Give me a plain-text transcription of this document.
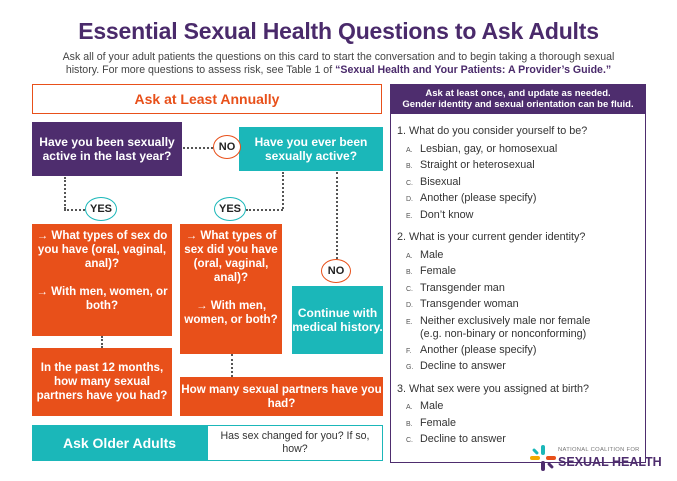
Essential Sexual Health Questions to Ask Adults
Ask all of your adult patients the questions on this card to start the conversation and to begin taking a thorough sexual
history. For more questions to assess risk, see Table 1 of “Sexual Health and Your Patients: A Provider’s Guide.”
Ask at Least Annually
Have you been sexually active in the last year?
Have you ever been sexually active?
NO
YES	YES
NO
→ What types of sex do you have (oral, vaginal, anal)?
→ With men, women, or both?
→ What types of sex did you have (oral, vaginal, anal)?
→ With men, women, or both?	Continue with medical history.
In the past 12 months, how many sexual partners have you had?	How many sexual partners have you had?
Ask Older Adults	Has sex changed for you? If so, how?
Ask at least once, and update as needed.
Gender identity and sexual orientation can be fluid.
1. What do you consider yourself to be?
A. Lesbian, gay, or homosexual
B. Straight or heterosexual
C. Bisexual
D. Another (please specify)
E. Don’t know
2. What is your current gender identity?
A. Male
B. Female
C. Transgender man
D. Transgender woman
E. Neither exclusively male nor female
(e.g. non-binary or nonconforming)
F. Another (please specify)
G. Decline to answer
3. What sex were you assigned at birth?
A. Male
B. Female
C. Decline to answer
NATIONAL COALITION FOR
SEXUAL HEALTH
